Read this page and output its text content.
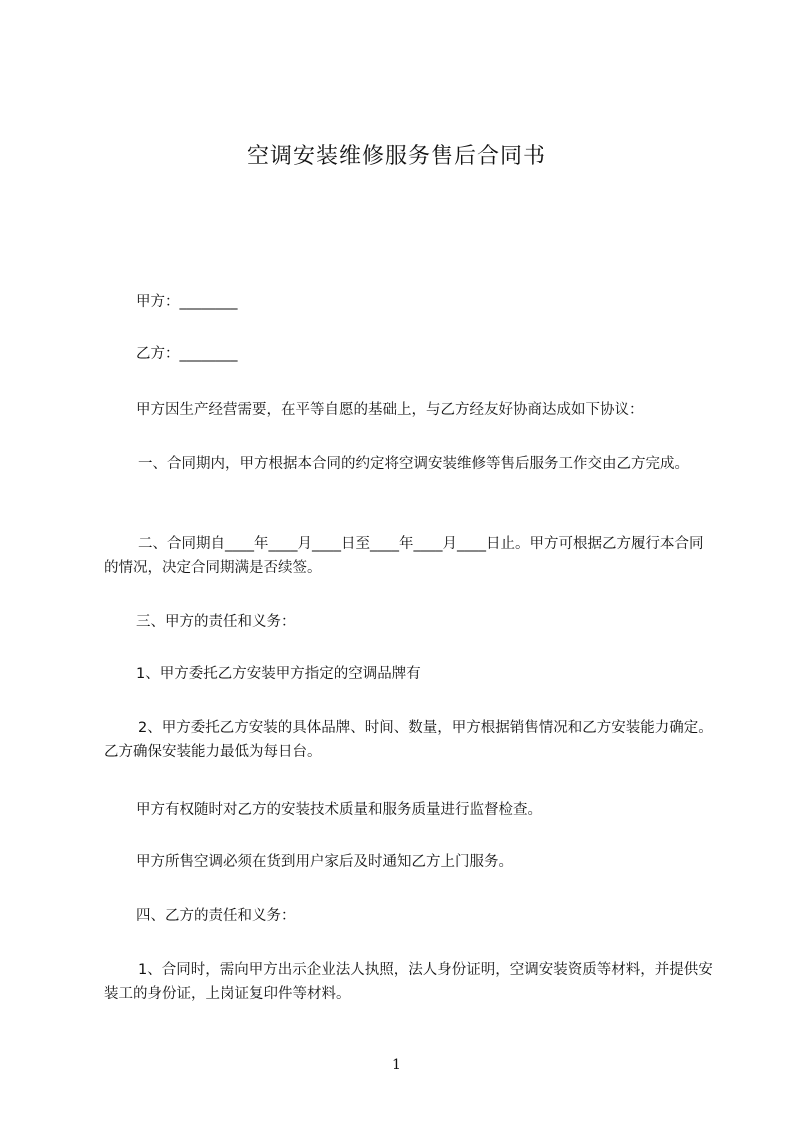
空调安装维修服务售后合同书

甲方：________

乙方：________

甲方因生产经营需要，在平等自愿的基础上，与乙方经友好协商达成如下协议：

一、合同期内，甲方根据本合同的约定将空调安装维修等售后服务工作交由乙方完成。

二、合同期自____年____月____日至____年____月____日止。甲方可根据乙方履行本合同的情况，决定合同期满是否续签。

三、甲方的责任和义务：

1、甲方委托乙方安装甲方指定的空调品牌有

2、甲方委托乙方安装的具体品牌、时间、数量，甲方根据销售情况和乙方安装能力确定。乙方确保安装能力最低为每日台。

甲方有权随时对乙方的安装技术质量和服务质量进行监督检查。

甲方所售空调必须在货到用户家后及时通知乙方上门服务。

四、乙方的责任和义务：

1、合同时，需向甲方出示企业法人执照，法人身份证明，空调安装资质等材料，并提供安装工的身份证，上岗证复印件等材料。

1
